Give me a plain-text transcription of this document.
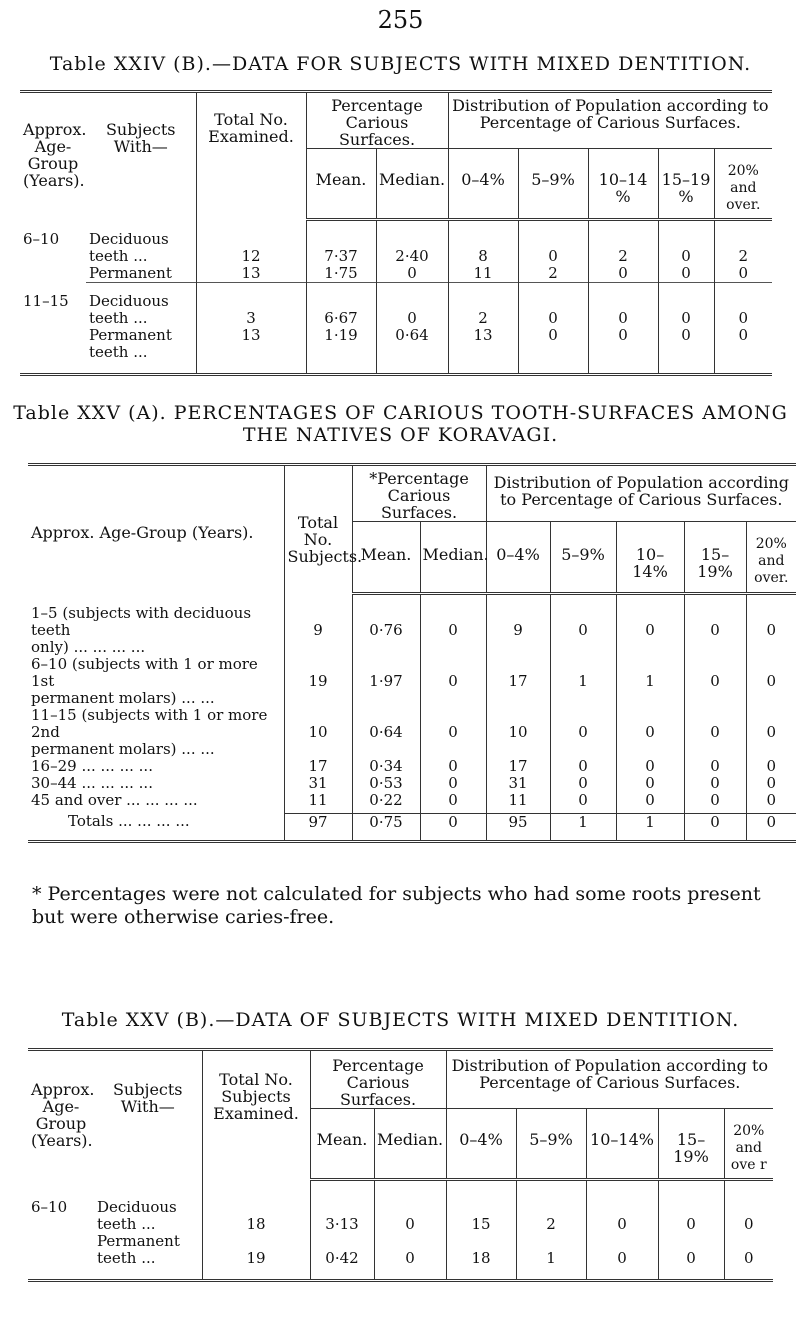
255
Table XXIV (B).—DATA FOR SUBJECTS WITH MIXED DENTITION.
Approx. Age-Group (Years).	Subjects With—	Total No. Examined.	Percentage Carious Surfaces.		Distribution of Population according to Percentage of Carious Surfaces.				
			Mean.	Median.	0–4%	5–9%	10–14 %	15–19 %	20% and over.

6–10	Deciduous teeth ...	12	7·37	2·40	8	0	2	0	2
	Permanent	13	1·75	0	11	2	0	0	0

11–15	Deciduous teeth ...	3	6·67	0	2	0	0	0	0
	Permanent teeth ...	13	1·19	0·64	13	0	0	0	0
Table XXV (A). PERCENTAGES OF CARIOUS TOOTH-SURFACES AMONG
THE NATIVES OF KORAVAGI.
Approx. Age-Group (Years).	Total No. Subjects.	*Percentage Carious Surfaces.		Distribution of Population according to Percentage of Carious Surfaces.				
		Mean.	Median.	0–4%	5–9%	10–14%	15–19%	20% and over.

1–5 (subjects with deciduous teeth
only) ... ... ... ...	9	0·76	0	9	0	0	0	0

6–10 (subjects with 1 or more 1st
permanent molars) ... ...	19	1·97	0	17	1	1	0	0

11–15 (subjects with 1 or more 2nd
permanent molars) ... ...	10	0·64	0	10	0	0	0	0
16–29 ... ... ... ...	17	0·34	0	17	0	0	0	0
30–44 ... ... ... ...	31	0·53	0	31	0	0	0	0
45 and over ... ... ... ...	11	0·22	0	11	0	0	0	0
Totals ... ... ... ...	97	0·75	0	95	1	1	0	0
* Percentages were not calculated for subjects who had some roots present but were otherwise caries-free.
Table XXV (B).—DATA OF SUBJECTS WITH MIXED DENTITION.
Approx. Age-Group (Years).	Subjects With—	Total No. Subjects Examined.	Percentage Carious Surfaces.		Distribution of Population according to Percentage of Carious Surfaces.				
			Mean.	Median.	0–4%	5–9%	10–14%	15–19%	20% and ove r

6–10	Deciduous teeth ...	18	3·13	0	15	2	0	0	0
	Permanent teeth ...	19	0·42	0	18	1	0	0	0
